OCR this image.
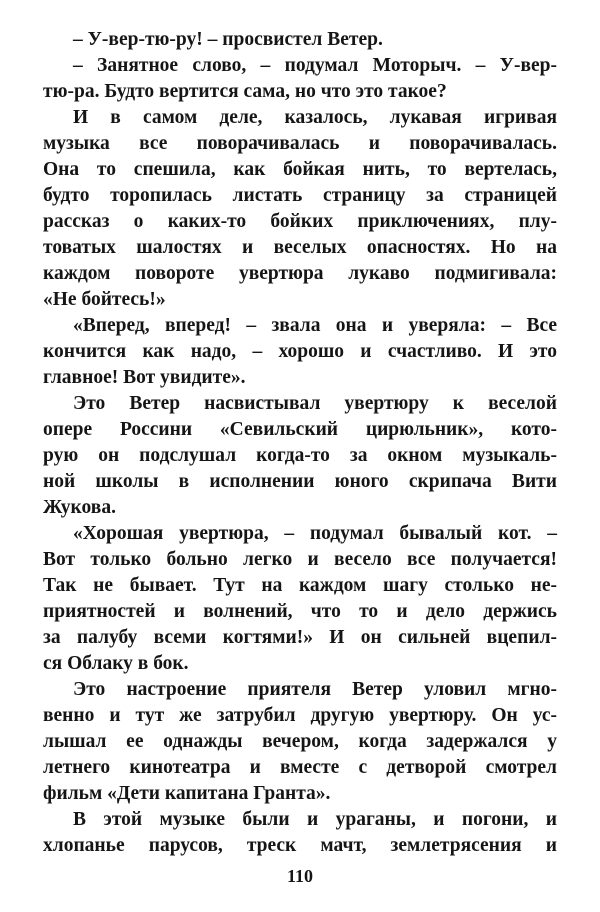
– У-вер-тю-ру! – просвистел Ветер.
– Занятное слово, – подумал Моторыч. – У-вер-
тю-ра. Будто вертится сама, но что это такое?
И в самом деле, казалось, лукавая игривая
музыка все поворачивалась и поворачивалась.
Она то спешила, как бойкая нить, то вертелась,
будто торопилась листать страницу за страницей
рассказ о каких-то бойких приключениях, плу-
товатых шалостях и веселых опасностях. Но на
каждом повороте увертюра лукаво подмигивала:
«Не бойтесь!»
«Вперед, вперед! – звала она и уверяла: – Все
кончится как надо, – хорошо и счастливо. И это
главное! Вот увидите».
Это Ветер насвистывал увертюру к веселой
опере Россини «Севильский цирюльник», кото-
рую он подслушал когда-то за окном музыкаль-
ной школы в исполнении юного скрипача Вити
Жукова.
«Хорошая увертюра, – подумал бывалый кот. –
Вот только больно легко и весело все получается!
Так не бывает. Тут на каждом шагу столько не-
приятностей и волнений, что то и дело держись
за палубу всеми когтями!» И он сильней вцепил-
ся Облаку в бок.
Это настроение приятеля Ветер уловил мгно-
венно и тут же затрубил другую увертюру. Он ус-
лышал ее однажды вечером, когда задержался у
летнего кинотеатра и вместе с детворой смотрел
фильм «Дети капитана Гранта».
В этой музыке были и ураганы, и погони, и
хлопанье парусов, треск мачт, землетрясения и
110
